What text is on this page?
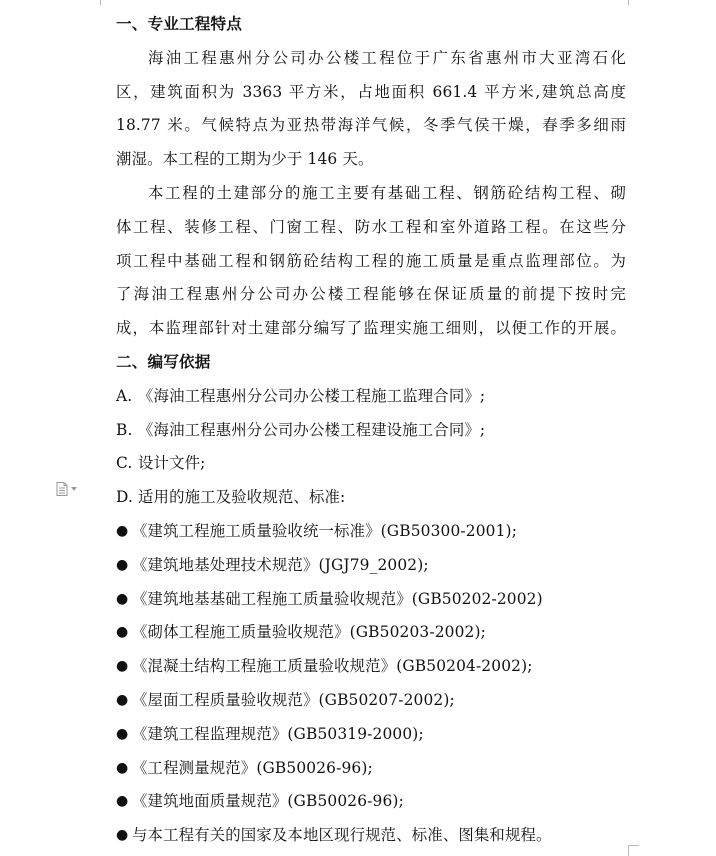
一、专业工程特点
海油工程惠州分公司办公楼工程位于广东省惠州市大亚湾石化
区，建筑面积为 3363 平方米，占地面积 661.4 平方米,建筑总高度
18.77 米。气候特点为亚热带海洋气候，冬季气侯干燥，春季多细雨
潮湿。本工程的工期为少于 146 天。
本工程的土建部分的施工主要有基础工程、钢筋砼结构工程、砌
体工程、装修工程、门窗工程、防水工程和室外道路工程。在这些分
项工程中基础工程和钢筋砼结构工程的施工质量是重点监理部位。为
了海油工程惠州分公司办公楼工程能够在保证质量的前提下按时完
成，本监理部针对土建部分编写了监理实施工细则，以便工作的开展。
二、编写依据
A. 《海油工程惠州分公司办公楼工程施工监理合同》;
B. 《海油工程惠州分公司办公楼工程建设施工合同》;
C. 设计文件;
D. 适用的施工及验收规范、标准:
● 《建筑工程施工质量验收统一标准》(GB50300-2001);
● 《建筑地基处理技术规范》(JGJ79_2002);
● 《建筑地基基础工程施工质量验收规范》(GB50202-2002)
● 《砌体工程施工质量验收规范》(GB50203-2002);
● 《混凝土结构工程施工质量验收规范》(GB50204-2002);
● 《屋面工程质量验收规范》(GB50207-2002);
● 《建筑工程监理规范》(GB50319-2000);
● 《工程测量规范》(GB50026-96);
● 《建筑地面质量规范》(GB50026-96);
● 与本工程有关的国家及本地区现行规范、标准、图集和规程。
